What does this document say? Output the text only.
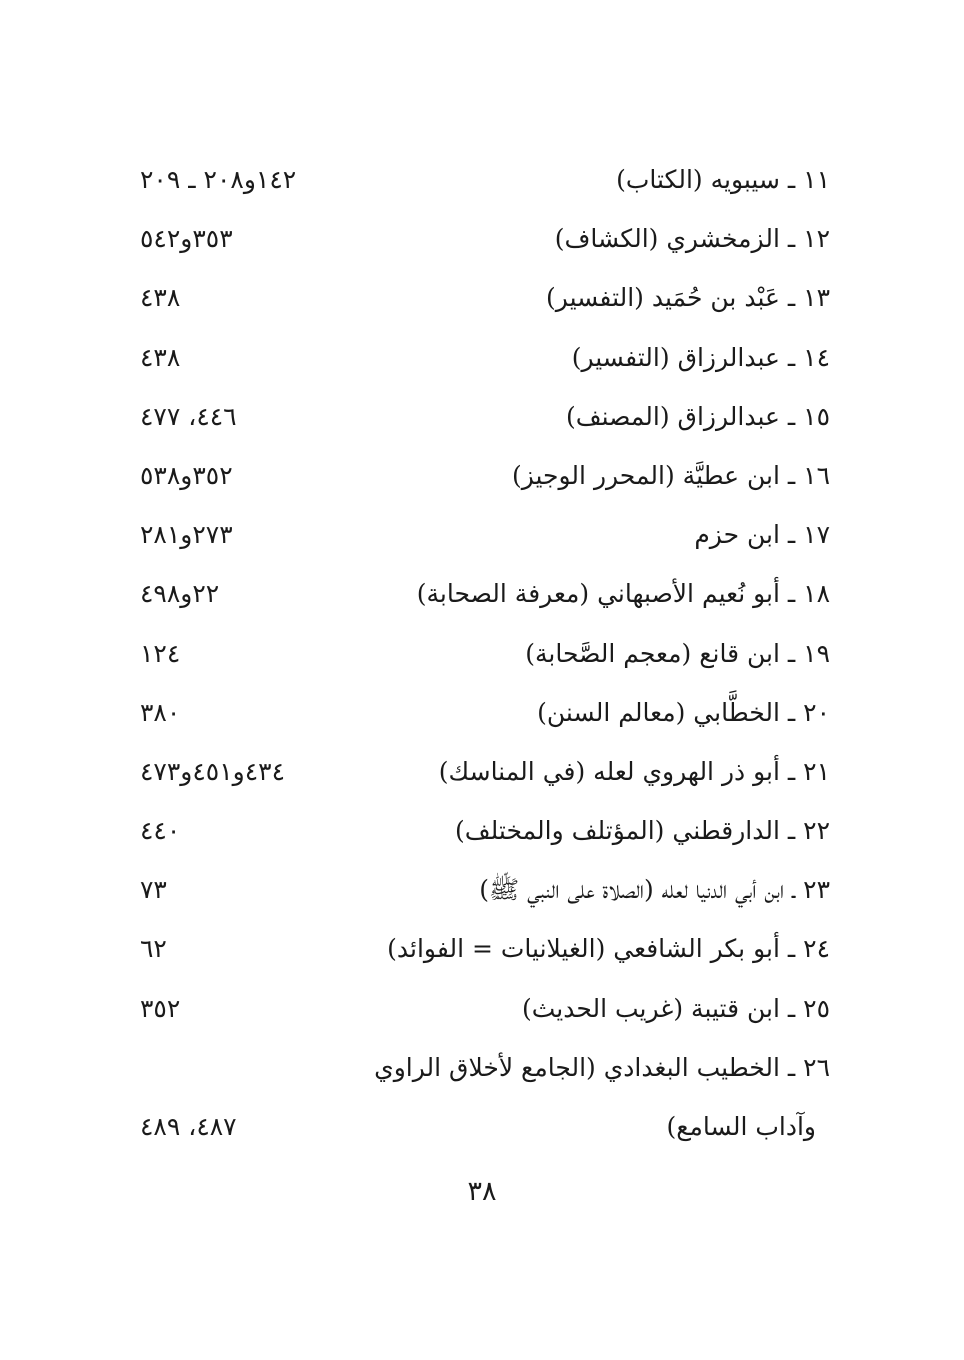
١١ ـ سيبويه (الكتاب)
١٤٢و٢٠٨ ـ ٢٠٩
١٢ ـ الزمخشري (الكشاف)
٣٥٣و٥٤٢
١٣ ـ عَبْد بن حُمَيد (التفسير)
٤٣٨
١٤ ـ عبدالرزاق (التفسير)
٤٣٨
١٥ ـ عبدالرزاق (المصنف)
٤٤٦، ٤٧٧
١٦ ـ ابن عطيَّة (المحرر الوجيز)
٣٥٢و٥٣٨
١٧ ـ ابن حزم
٢٧٣و٢٨١
١٨ ـ أبو نُعيم الأصبهاني (معرفة الصحابة)
٢٢و٤٩٨
١٩ ـ ابن قانع (معجم الصَّحابة)
١٢٤
٢٠ ـ الخطَّابي (معالم السنن)
٣٨٠
٢١ ـ أبو ذر الهروي لعله (في المناسك)
٤٣٤و٤٥١و٤٧٣
٢٢ ـ الدارقطني (المؤتلف والمختلف)
٤٤٠
٢٣ ـ ابن أبي الدنيا لعله (الصلاة على النبي ﷺ)
٧٣
٢٤ ـ أبو بكر الشافعي (الغيلانيات = الفوائد)
٦٢
٢٥ ـ ابن قتيبة (غريب الحديث)
٣٥٢
٢٦ ـ الخطيب البغدادي (الجامع لأخلاق الراوي
وآداب السامع)
٤٨٧، ٤٨٩
٣٨
